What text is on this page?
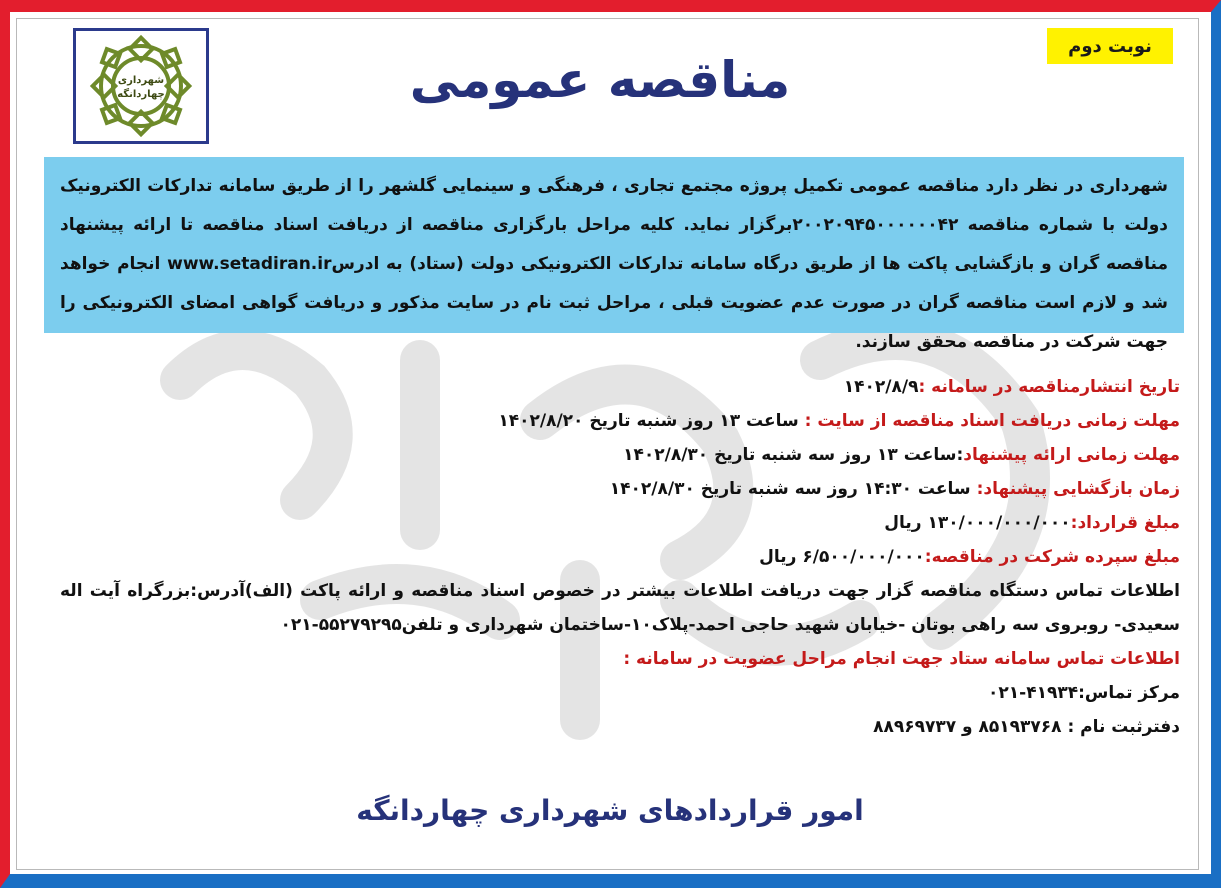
شهرداری
چهاردانگه	مناقصه عمومی
نوبت دوم

شهرداری در نظر دارد مناقصه عمومی تکمیل پروژه مجتمع تجاری ، فرهنگی و سینمایی گلشهر را از طریق سامانه تدارکات الکترونیک دولت با شماره مناقصه ۲۰۰۲۰۹۴۵۰۰۰۰۰۰۴۲برگزار نماید. کلیه مراحل بارگزاری مناقصه از دریافت اسناد مناقصه تا ارائه پیشنهاد مناقصه گران و بازگشایی پاکت ها از طریق درگاه سامانه تدارکات الکترونیکی دولت (ستاد) به ادرسwww.setadiran.ir انجام خواهد شد و لازم است مناقصه گران در صورت عدم عضویت قبلی ، مراحل ثبت نام در سایت مذکور و دریافت گواهی امضای الکترونیکی را جهت شرکت در مناقصه محقق سازند.

تاریخ انتشارمناقصه در سامانه :۱۴۰۲/۸/۹
مهلت زمانی دریافت اسناد مناقصه از سایت : ساعت ۱۳ روز شنبه تاریخ ۱۴۰۲/۸/۲۰
مهلت زمانی ارائه پیشنهاد:ساعت ۱۳ روز سه شنبه تاریخ ۱۴۰۲/۸/۳۰
زمان بازگشایی پیشنهاد: ساعت ۱۴:۳۰ روز سه شنبه تاریخ ۱۴۰۲/۸/۳۰
مبلغ قرارداد:۱۳۰/۰۰۰/۰۰۰/۰۰۰ ریال
مبلغ سپرده شرکت در مناقصه:۶/۵۰۰/۰۰۰/۰۰۰ ریال
اطلاعات تماس دستگاه مناقصه گزار جهت دریافت اطلاعات بیشتر در خصوص اسناد مناقصه و ارائه پاکت (الف)آدرس:بزرگراه آیت اله سعیدی- روبروی سه راهی بوتان -خیابان شهید حاجی احمد-پلاک۱۰-ساختمان شهرداری و تلفن۵۵۲۷۹۲۹۵-۰۲۱
اطلاعات تماس سامانه ستاد جهت انجام مراحل عضویت در سامانه :
مرکز تماس:۴۱۹۳۴-۰۲۱
دفترثبت نام : ۸۵۱۹۳۷۶۸ و ۸۸۹۶۹۷۳۷
امور قراردادهای شهرداری چهاردانگه
